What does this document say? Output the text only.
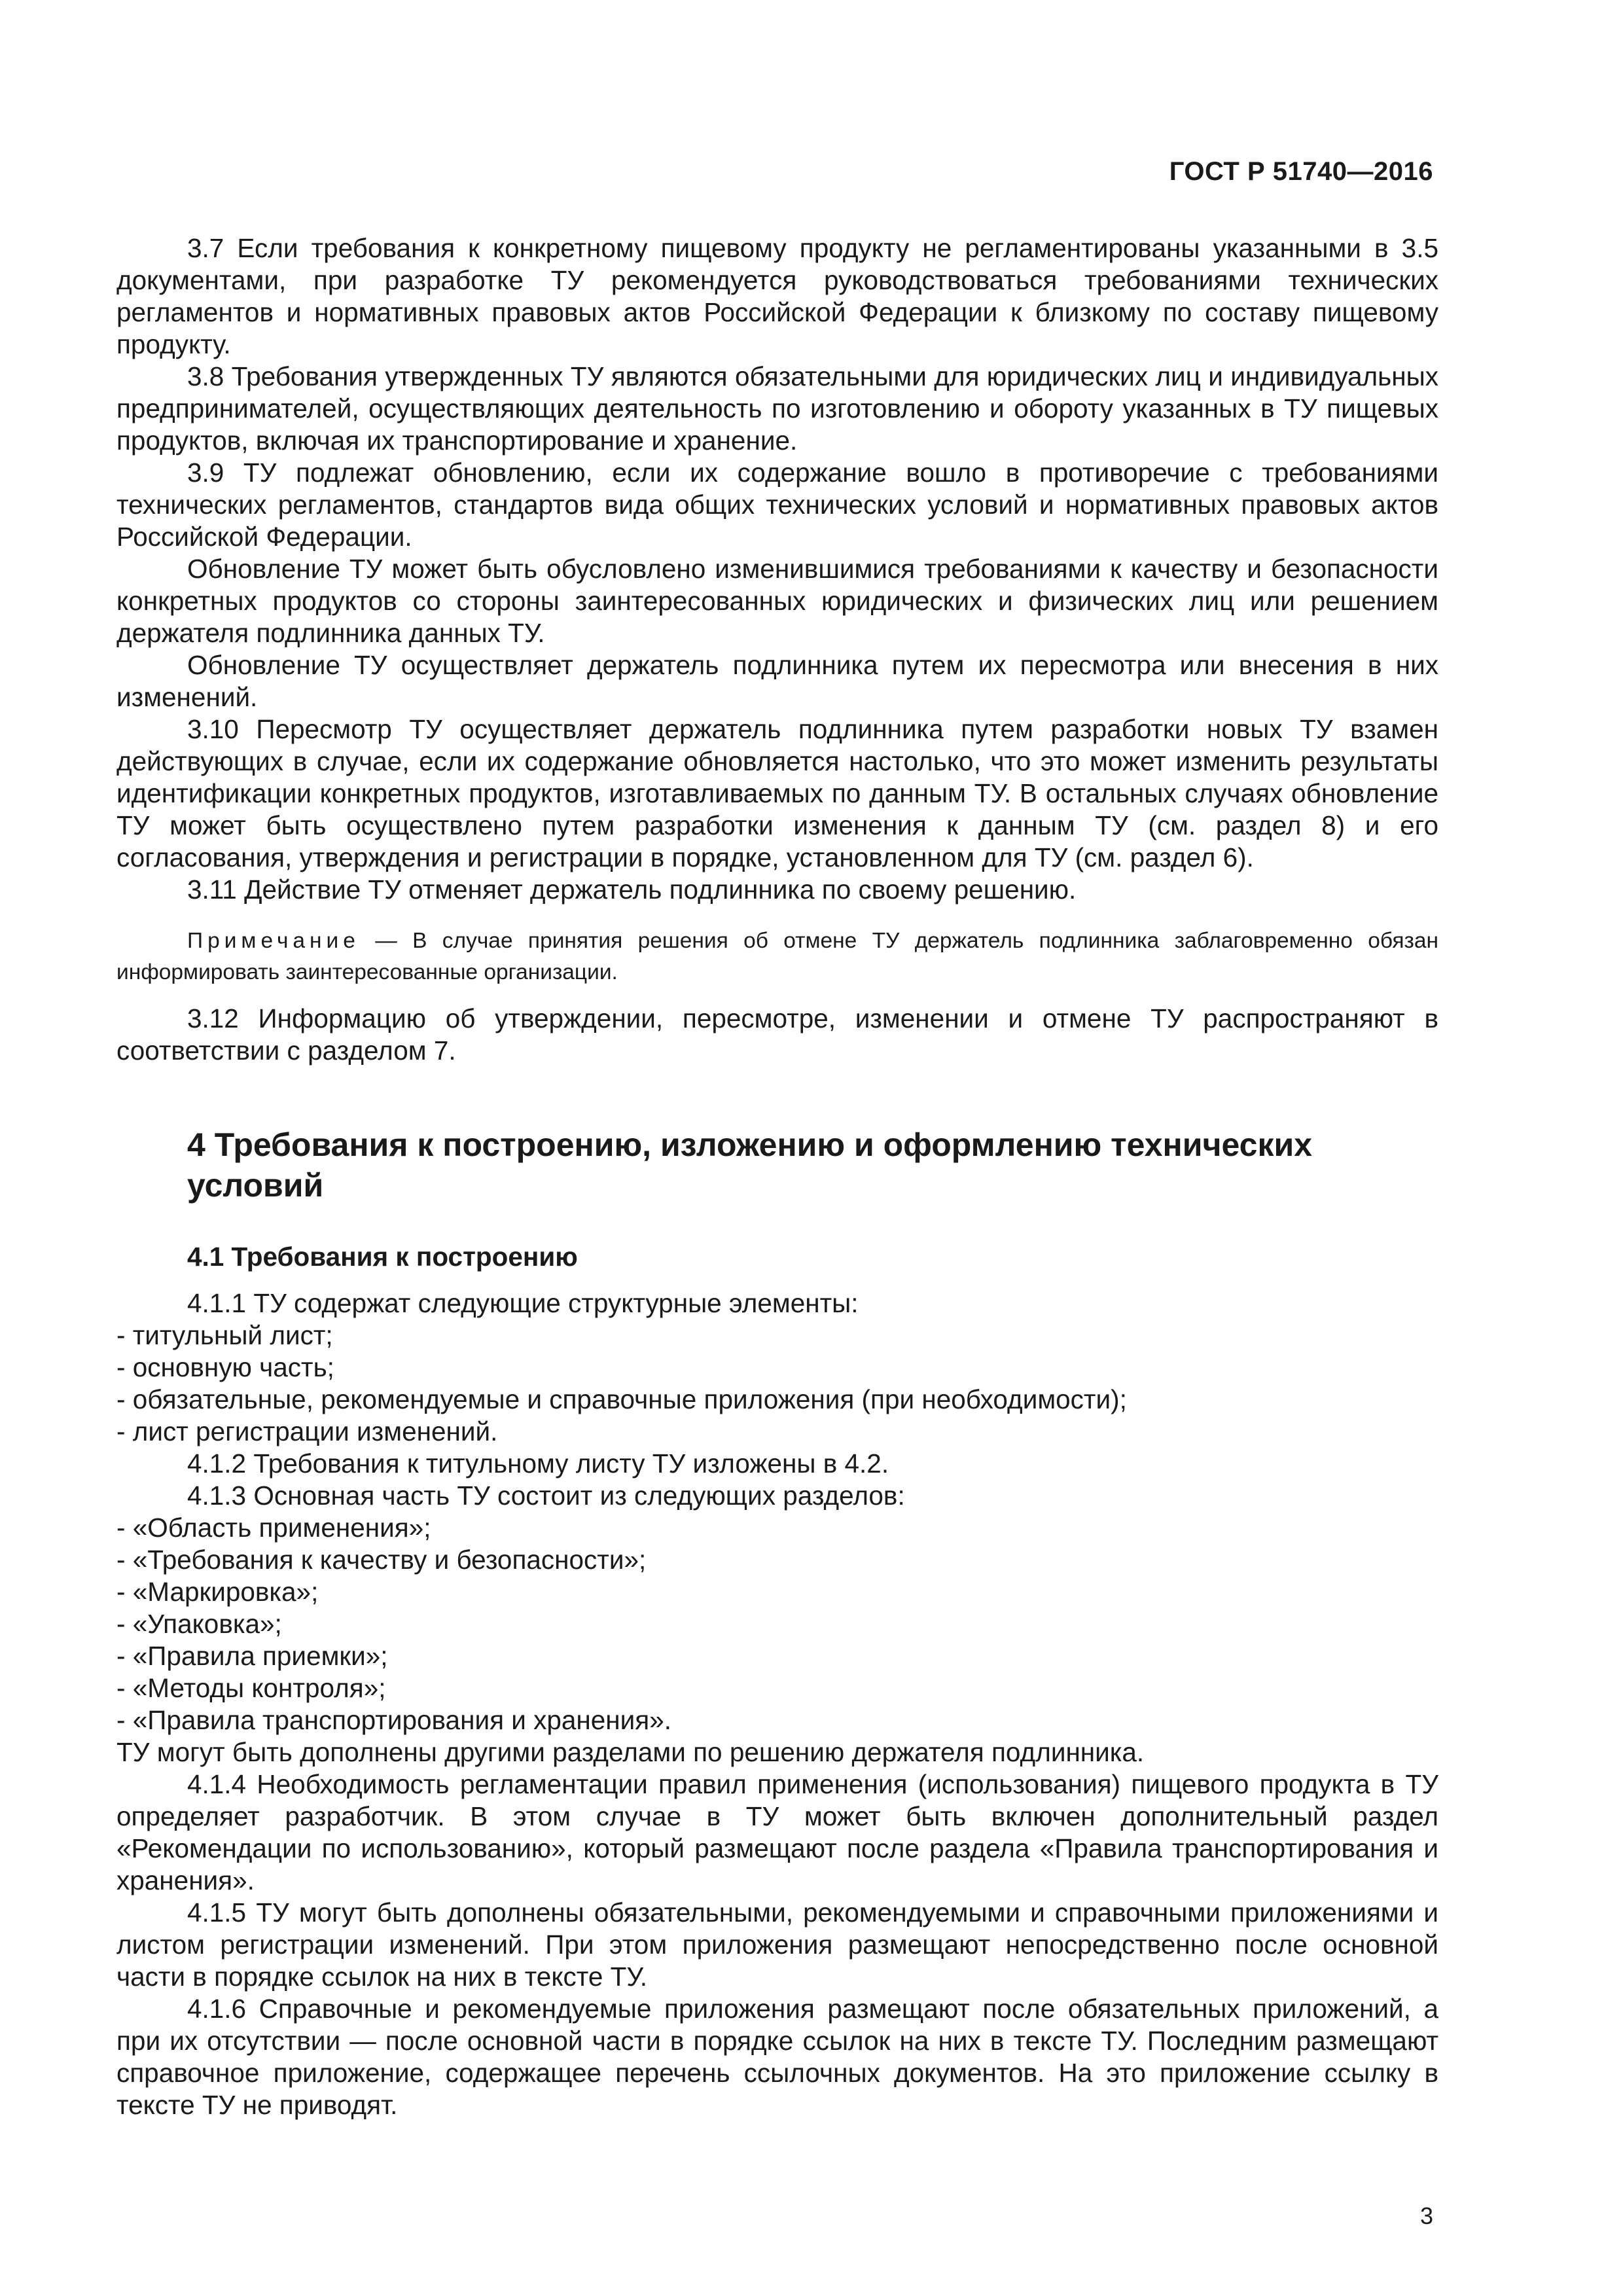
ГОСТ Р 51740—2016

3.7 Если требования к конкретному пищевому продукту не регламентированы указанными в 3.5 документами, при разработке ТУ рекомендуется руководствоваться требованиями технических регламентов и нормативных правовых актов Российской Федерации к близкому по составу пищевому продукту.

3.8 Требования утвержденных ТУ являются обязательными для юридических лиц и индивидуальных предпринимателей, осуществляющих деятельность по изготовлению и обороту указанных в ТУ пищевых продуктов, включая их транспортирование и хранение.

3.9 ТУ подлежат обновлению, если их содержание вошло в противоречие с требованиями технических регламентов, стандартов вида общих технических условий и нормативных правовых актов Российской Федерации.

Обновление ТУ может быть обусловлено изменившимися требованиями к качеству и безопасности конкретных продуктов со стороны заинтересованных юридических и физических лиц или решением держателя подлинника данных ТУ.

Обновление ТУ осуществляет держатель подлинника путем их пересмотра или внесения в них изменений.

3.10 Пересмотр ТУ осуществляет держатель подлинника путем разработки новых ТУ взамен действующих в случае, если их содержание обновляется настолько, что это может изменить результаты идентификации конкретных продуктов, изготавливаемых по данным ТУ. В остальных случаях обновление ТУ может быть осуществлено путем разработки изменения к данным ТУ (см. раздел 8) и его согласования, утверждения и регистрации в порядке, установленном для ТУ (см. раздел 6).

3.11 Действие ТУ отменяет держатель подлинника по своему решению.

Примечание — В случае принятия решения об отмене ТУ держатель подлинника заблаговременно обязан информировать заинтересованные организации.

3.12 Информацию об утверждении, пересмотре, изменении и отмене ТУ распространяют в соответствии с разделом 7.

4 Требования к построению, изложению и оформлению технических условий
4.1 Требования к построению

4.1.1 ТУ содержат следующие структурные элементы:

- титульный лист;

- основную часть;

- обязательные, рекомендуемые и справочные приложения (при необходимости);

- лист регистрации изменений.

4.1.2 Требования к титульному листу ТУ изложены в 4.2.

4.1.3 Основная часть ТУ состоит из следующих разделов:

- «Область применения»;

- «Требования к качеству и безопасности»;

- «Маркировка»;

- «Упаковка»;

- «Правила приемки»;

- «Методы контроля»;

- «Правила транспортирования и хранения».

ТУ могут быть дополнены другими разделами по решению держателя подлинника.

4.1.4 Необходимость регламентации правил применения (использования) пищевого продукта в ТУ определяет разработчик. В этом случае в ТУ может быть включен дополнительный раздел «Рекомендации по использованию», который размещают после раздела «Правила транспортирования и хранения».

4.1.5 ТУ могут быть дополнены обязательными, рекомендуемыми и справочными приложениями и листом регистрации изменений. При этом приложения размещают непосредственно после основной части в порядке ссылок на них в тексте ТУ.

4.1.6 Справочные и рекомендуемые приложения размещают после обязательных приложений, а при их отсутствии — после основной части в порядке ссылок на них в тексте ТУ. Последним размещают справочное приложение, содержащее перечень ссылочных документов. На это приложение ссылку в тексте ТУ не приводят.

3
